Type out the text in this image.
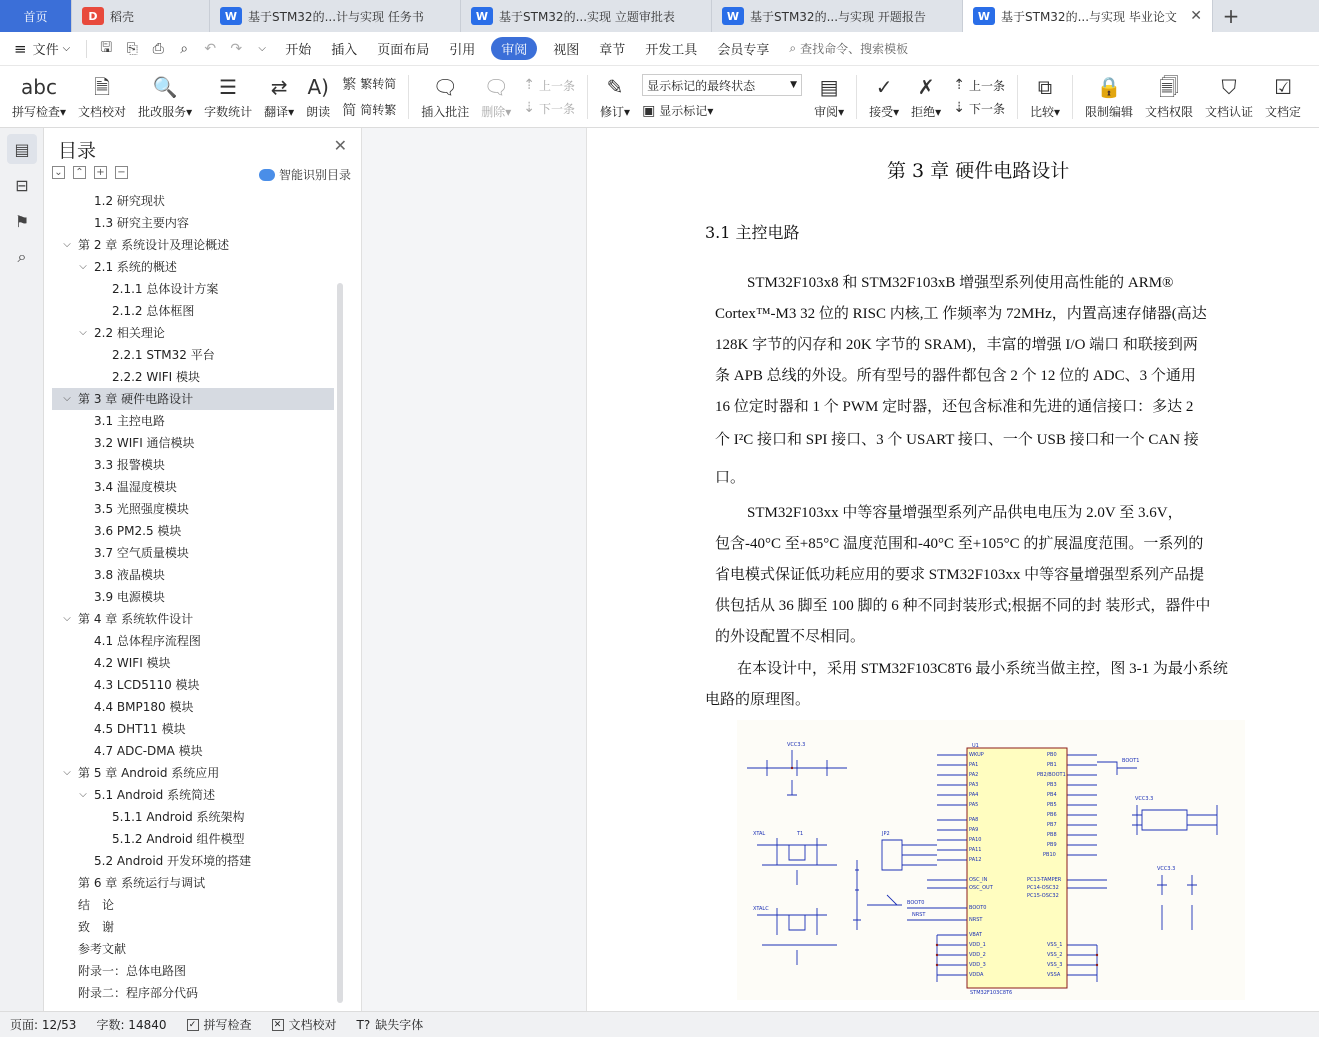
首页	D	稻壳	W 基于STM32的...计与实现 任务书	W 基于STM32的...实现 立题审批表	W 基于STM32的...与实现 开题报告	W 基于STM32的...与实现 毕业论文 ✕	+
≡ 文件 ⌵	🖫	⎘	⎙	⌕	↶	↷	⌵	开始	插入	页面布局	引用	审阅	视图	章节	开发工具	会员专享	⌕ 查找命令、搜索模板
abc
拼写检查▾
🗎
文档校对
🔍
批改服务▾
☰
字数统计
⇄
翻译▾
A)
朗读
繁 繁转简
简 简转繁
🗨
插入批注
🗨
删除▾
⇡ 上一条
⇣ 下一条
✎
修订▾
显示标记的最终状态	▼
▣ 显示标记 ▾
▤
审阅▾
✓
接受▾
✗
拒绝▾
⇡ 上一条
⇣ 下一条
⧉
比较▾
🔒
限制编辑
🗐
文档权限
⛉
文档认证
☑
文档定
▤
⊟
⚑
⌕
目录	✕
⌄ ⌃ + −	智能识别目录
1.2 研究现状
1.3 研究主要内容
⌵ 第 2 章 系统设计及理论概述
⌵ 2.1 系统的概述
2.1.1 总体设计方案
2.1.2 总体框图
⌵ 2.2 相关理论
2.2.1 STM32 平台
2.2.2 WIFI 模块
⌵ 第 3 章 硬件电路设计
3.1 主控电路
3.2 WIFI 通信模块
3.3 报警模块
3.4 温湿度模块
3.5 光照强度模块
3.6 PM2.5 模块
3.7 空气质量模块
3.8 液晶模块
3.9 电源模块
⌵ 第 4 章 系统软件设计
4.1 总体程序流程图
4.2 WIFI 模块
4.3 LCD5110 模块
4.4 BMP180 模块
4.5 DHT11 模块
4.7 ADC-DMA 模块
⌵ 第 5 章 Android 系统应用
⌵ 5.1 Android 系统简述
5.1.1 Android 系统架构
5.1.2 Android 组件模型
5.2 Android 开发环境的搭建
第 6 章 系统运行与调试
结　论
致　谢
参考文献
附录一：总体电路图
附录二：程序部分代码
第 3 章 硬件电路设计
3.1 主控电路
STM32F103x8 和 STM32F103xB 增强型系列使用高性能的 ARM®
Cortex™-M3 32 位的 RISC 内核,工 作频率为 72MHz，内置高速存储器(高达
128K 字节的闪存和 20K 字节的 SRAM)，丰富的增强 I/O 端口 和联接到两
条 APB 总线的外设。所有型号的器件都包含 2 个 12 位的 ADC、3 个通用
16 位定时器和 1 个 PWM 定时器，还包含标准和先进的通信接口：多达 2
个 I²C 接口和 SPI 接口、3 个 USART 接口、一个 USB 接口和一个 CAN 接
口。
STM32F103xx 中等容量增强型系列产品供电电压为 2.0V 至 3.6V，
包含-40°C 至+85°C 温度范围和-40°C 至+105°C 的扩展温度范围。一系列的
省电模式保证低功耗应用的要求 STM32F103xx 中等容量增强型系列产品提
供包括从 36 脚至 100 脚的 6 种不同封装形式;根据不同的封 装形式，器件中
的外设配置不尽相同。
在本设计中，采用 STM32F103C8T6 最小系统当做主控，图 3-1 为最小系统
电路的原理图。
WKUP
PA1
PA2
PA3
PA4
PA5
PA8
PA9
PA10
PA11
PA12
OSC_IN
OSC_OUT
BOOT0
NRST
VBAT
VDD_1
VDD_2
VDD_3
VDDA
PB0
PB1
PB2/BOOT1
PB3
PB4
PB5
PB6
PB7
PB8
PB9
PB10
PC13-TAMPER
PC14-OSC32
PC15-OSC32
VSS_1
VSS_2
VSS_3
VSSA
STM32F103C8T6
U1
VCC3.3
XTAL	T1
XTALC
JP2
BOOT1
VCC3.3
VCC3.3
BOOT0
NRST
页面: 12/53	字数: 14840	✓ 拼写检查 ✕ 文档校对 T? 缺失字体
